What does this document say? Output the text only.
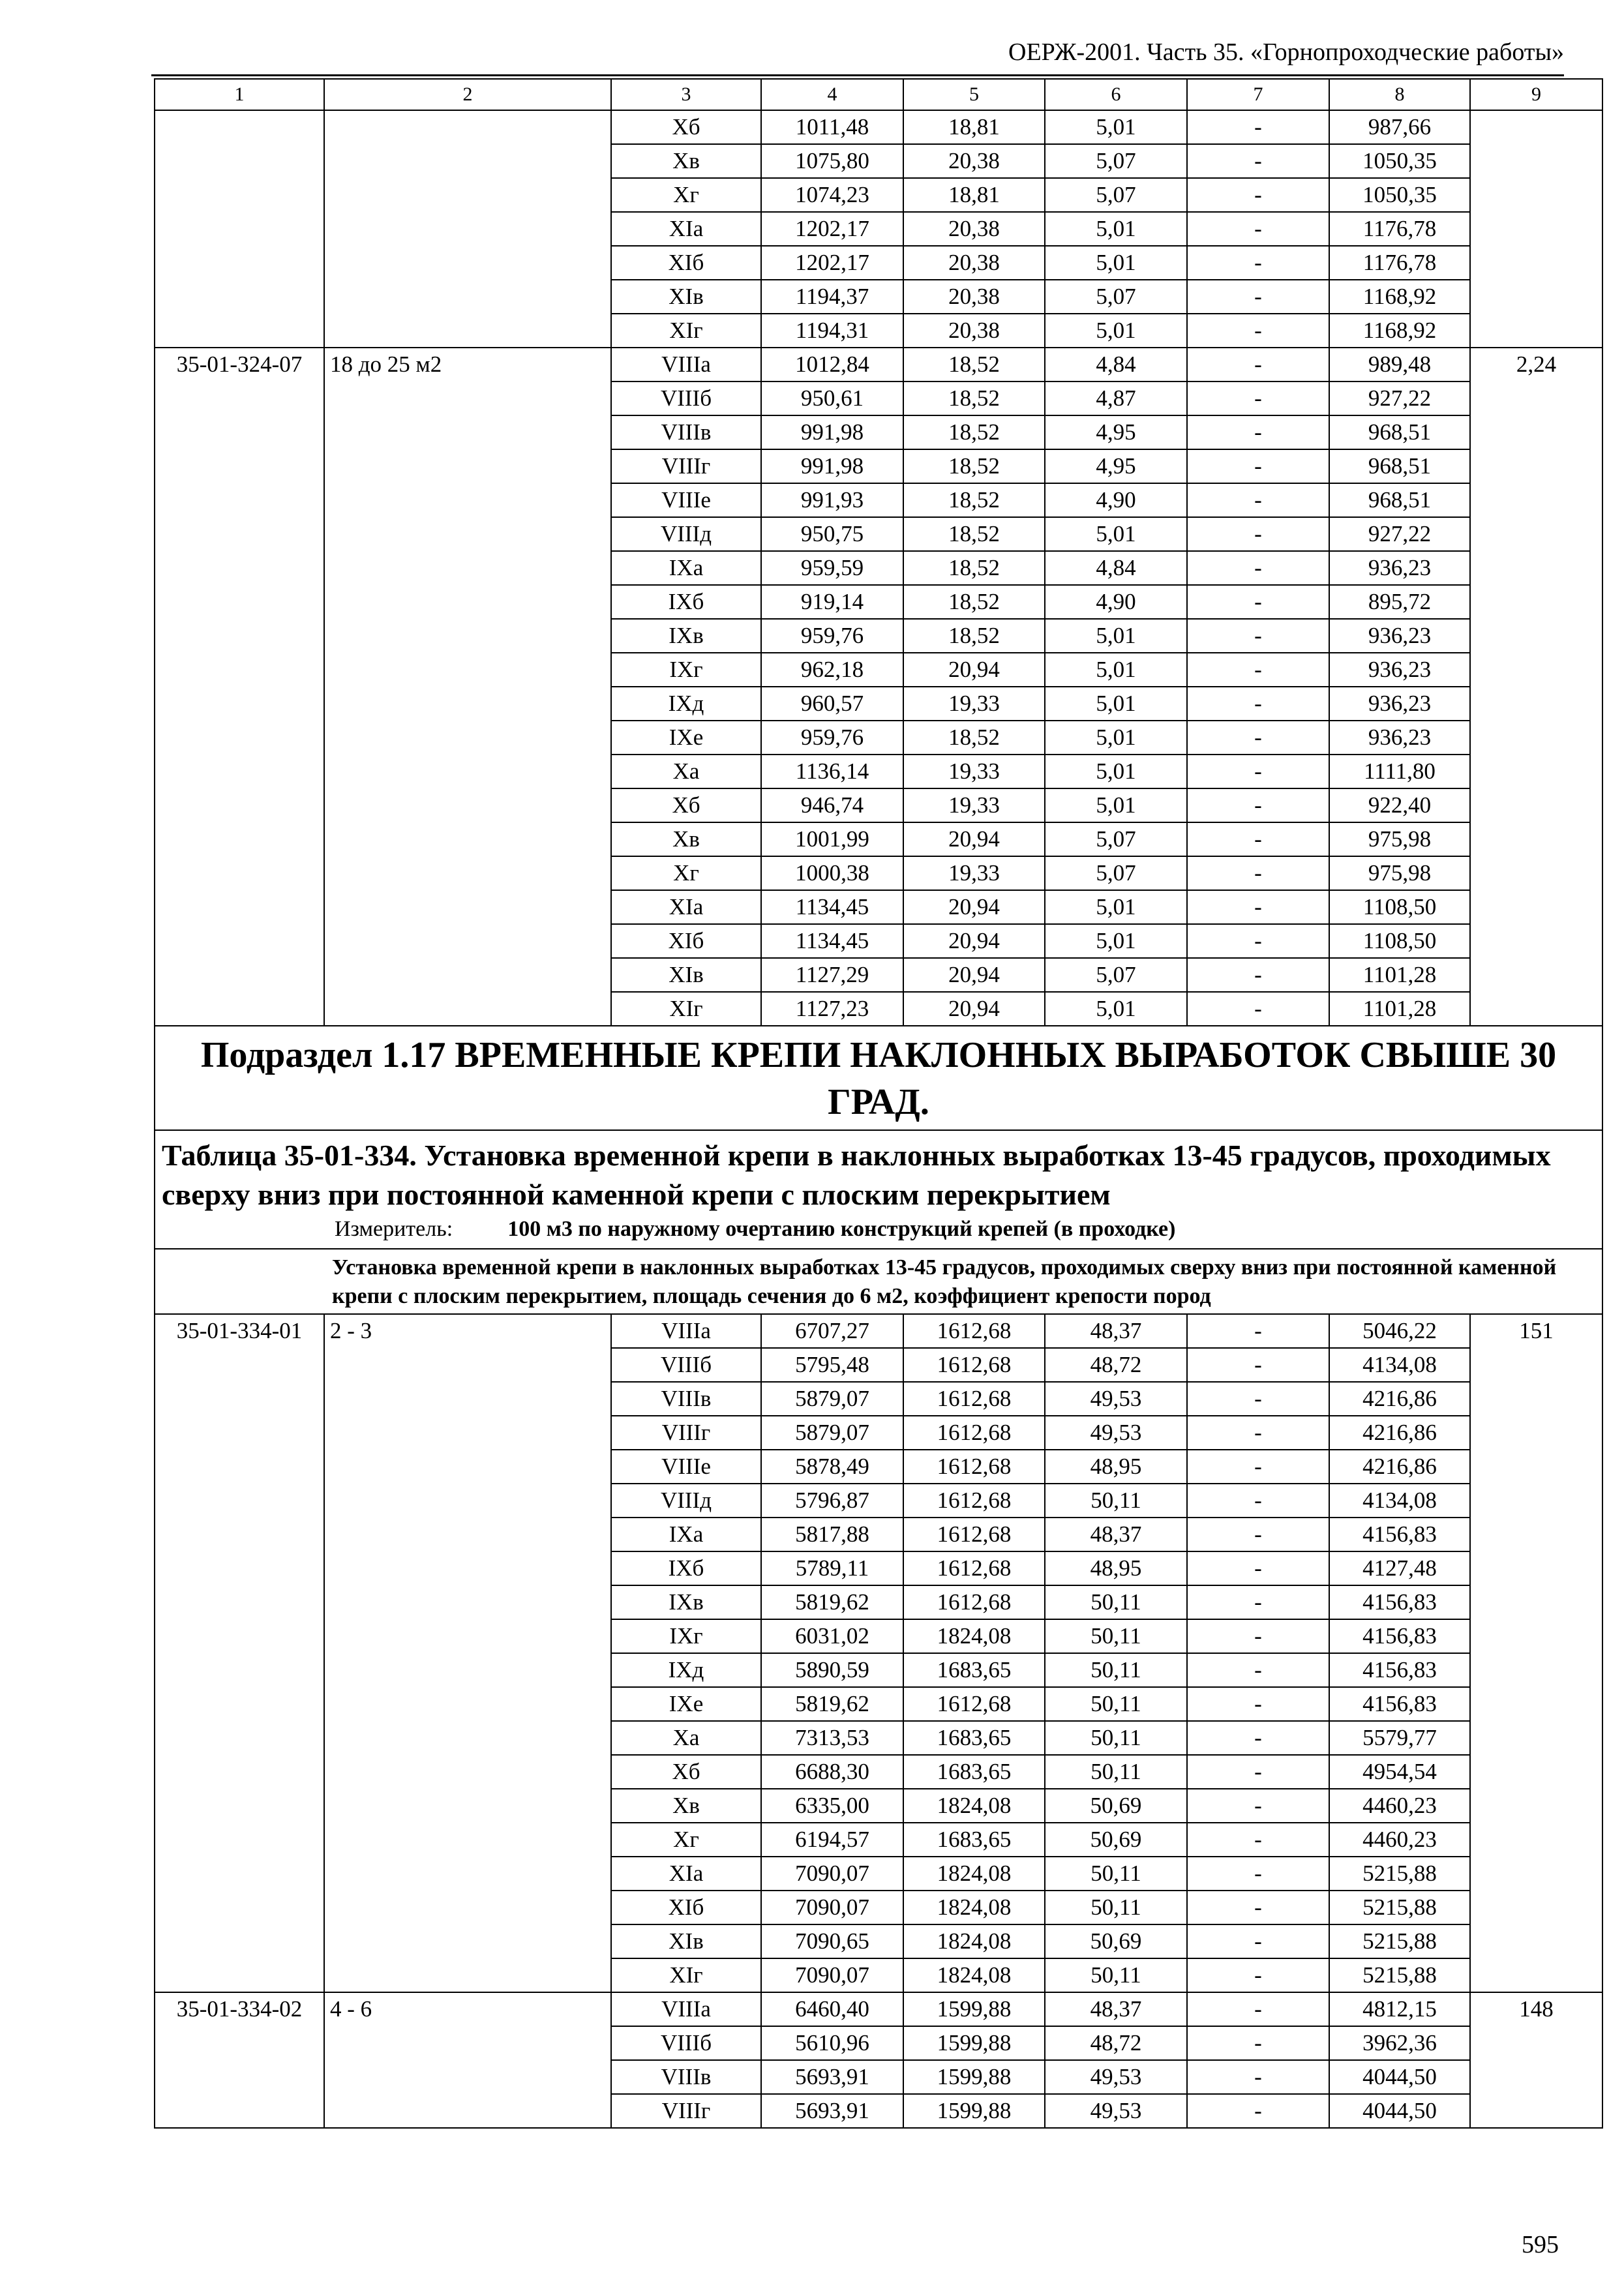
ОЕРЖ-2001. Часть 35. «Горнопроходческие работы»
1	2	3	4	5	6	7	8	9
		Хб	1011,48	18,81	5,01	-	987,66	
		Хв	1075,80	20,38	5,07	-	1050,35	
		Хг	1074,23	18,81	5,07	-	1050,35	
		ХIа	1202,17	20,38	5,01	-	1176,78	
		ХIб	1202,17	20,38	5,01	-	1176,78	
		ХIв	1194,37	20,38	5,07	-	1168,92	
		ХIг	1194,31	20,38	5,01	-	1168,92	
35-01-324-07	18 до 25 м2	VIIIа	1012,84	18,52	4,84	-	989,48	2,24
		VIIIб	950,61	18,52	4,87	-	927,22	
		VIIIв	991,98	18,52	4,95	-	968,51	
		VIIIг	991,98	18,52	4,95	-	968,51	
		VIIIе	991,93	18,52	4,90	-	968,51	
		VIIIд	950,75	18,52	5,01	-	927,22	
		IХа	959,59	18,52	4,84	-	936,23	
		IХб	919,14	18,52	4,90	-	895,72	
		IХв	959,76	18,52	5,01	-	936,23	
		IХг	962,18	20,94	5,01	-	936,23	
		IХд	960,57	19,33	5,01	-	936,23	
		IХе	959,76	18,52	5,01	-	936,23	
		Ха	1136,14	19,33	5,01	-	1111,80	
		Хб	946,74	19,33	5,01	-	922,40	
		Хв	1001,99	20,94	5,07	-	975,98	
		Хг	1000,38	19,33	5,07	-	975,98	
		ХIа	1134,45	20,94	5,01	-	1108,50	
		ХIб	1134,45	20,94	5,01	-	1108,50	
		ХIв	1127,29	20,94	5,07	-	1101,28	
		ХIг	1127,23	20,94	5,01	-	1101,28	
Подраздел 1.17 ВРЕМЕННЫЕ КРЕПИ НАКЛОННЫХ ВЫРАБОТОК СВЫШЕ 30 ГРАД.								

Таблица 35-01-334. Установка временной крепи в наклонных выработках 13-45 градусов, проходимых сверху вниз при постоянной каменной крепи с плоским перекрытием
Измеритель: 100 м3 по наружному очертанию конструкций крепей (в проходке)								

Установка временной крепи в наклонных выработках 13-45 градусов, проходимых сверху вниз при постоянной каменной крепи с плоским перекрытием, площадь сечения до 6 м2, коэффициент крепости пород								
35-01-334-01	2 - 3	VIIIа	6707,27	1612,68	48,37	-	5046,22	151
		VIIIб	5795,48	1612,68	48,72	-	4134,08	
		VIIIв	5879,07	1612,68	49,53	-	4216,86	
		VIIIг	5879,07	1612,68	49,53	-	4216,86	
		VIIIе	5878,49	1612,68	48,95	-	4216,86	
		VIIIд	5796,87	1612,68	50,11	-	4134,08	
		IХа	5817,88	1612,68	48,37	-	4156,83	
		IХб	5789,11	1612,68	48,95	-	4127,48	
		IХв	5819,62	1612,68	50,11	-	4156,83	
		IХг	6031,02	1824,08	50,11	-	4156,83	
		IХд	5890,59	1683,65	50,11	-	4156,83	
		IХе	5819,62	1612,68	50,11	-	4156,83	
		Ха	7313,53	1683,65	50,11	-	5579,77	
		Хб	6688,30	1683,65	50,11	-	4954,54	
		Хв	6335,00	1824,08	50,69	-	4460,23	
		Хг	6194,57	1683,65	50,69	-	4460,23	
		ХIа	7090,07	1824,08	50,11	-	5215,88	
		ХIб	7090,07	1824,08	50,11	-	5215,88	
		ХIв	7090,65	1824,08	50,69	-	5215,88	
		ХIг	7090,07	1824,08	50,11	-	5215,88	
35-01-334-02	4 - 6	VIIIа	6460,40	1599,88	48,37	-	4812,15	148
		VIIIб	5610,96	1599,88	48,72	-	3962,36	
		VIIIв	5693,91	1599,88	49,53	-	4044,50	
		VIIIг	5693,91	1599,88	49,53	-	4044,50	
595
